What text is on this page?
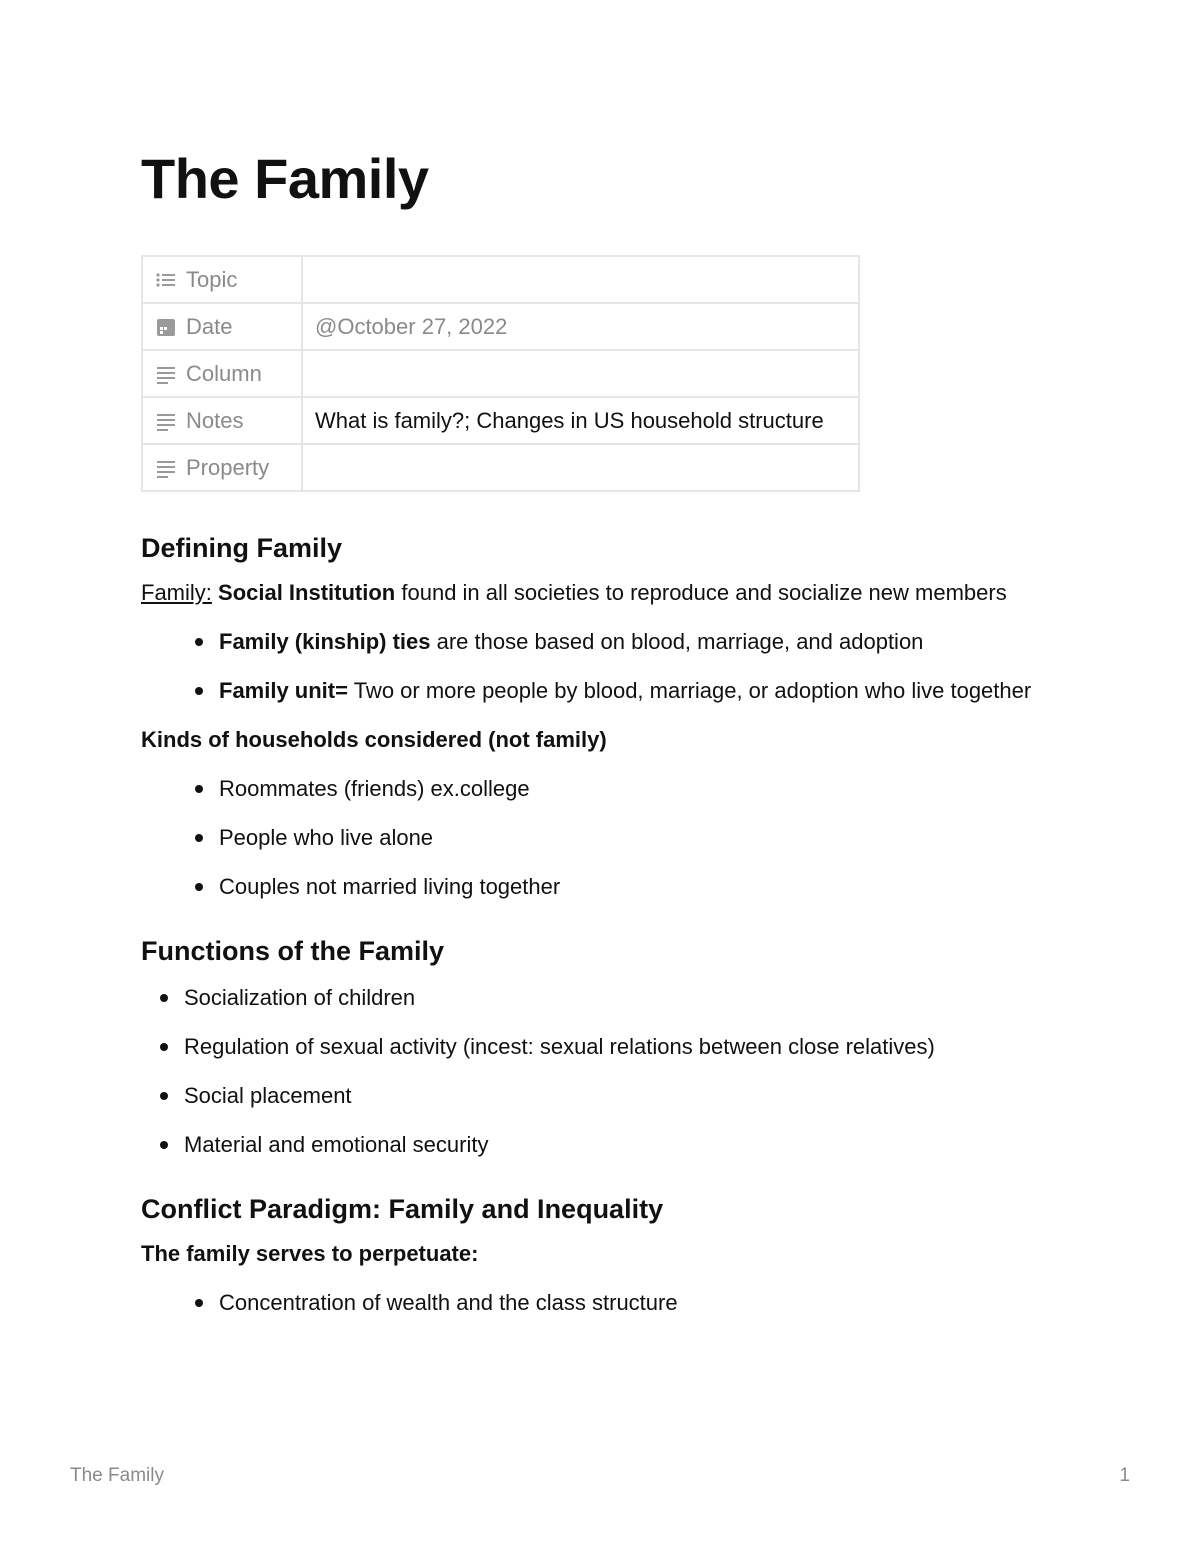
The Family
Topic	
Date	@October 27, 2022
Column	
Notes	What is family?; Changes in US household structure
Property	
Defining Family

Family: Social Institution found in all societies to reproduce and socialize new members

Family (kinship) ties are those based on blood, marriage, and adoption
Family unit= Two or more people by blood, marriage, or adoption who live together

Kinds of households considered (not family)

Roommates (friends) ex.college
People who live alone
Couples not married living together
Functions of the Family
Socialization of children
Regulation of sexual activity (incest: sexual relations between close relatives)
Social placement
Material and emotional security
Conflict Paradigm: Family and Inequality

The family serves to perpetuate:

Concentration of wealth and the class structure
The Family	1
